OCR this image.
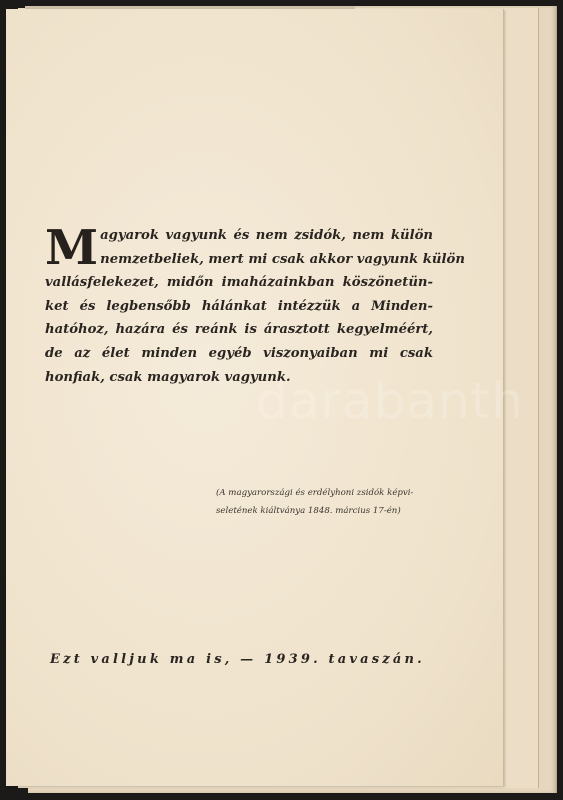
M agyarok vagyunk és nem zsidók, nem külön
nemzetbeliek, mert mi csak akkor vagyunk külön
vallásfelekezet, midőn imaházainkban köszönetün-
ket és legbensőbb hálánkat intézzük a Minden-
hatóhoz, hazára és reánk is árasztott kegyelméért,
de az élet minden egyéb viszonyaiban mi csak
honfiak, csak magyarok vagyunk.
(A magyarországi és erdélyhoni zsidók képvi-
seletének kiáltványa 1848. március 17-én)
Ezt valljuk ma is, — 1939. tavaszán.
darabanth
